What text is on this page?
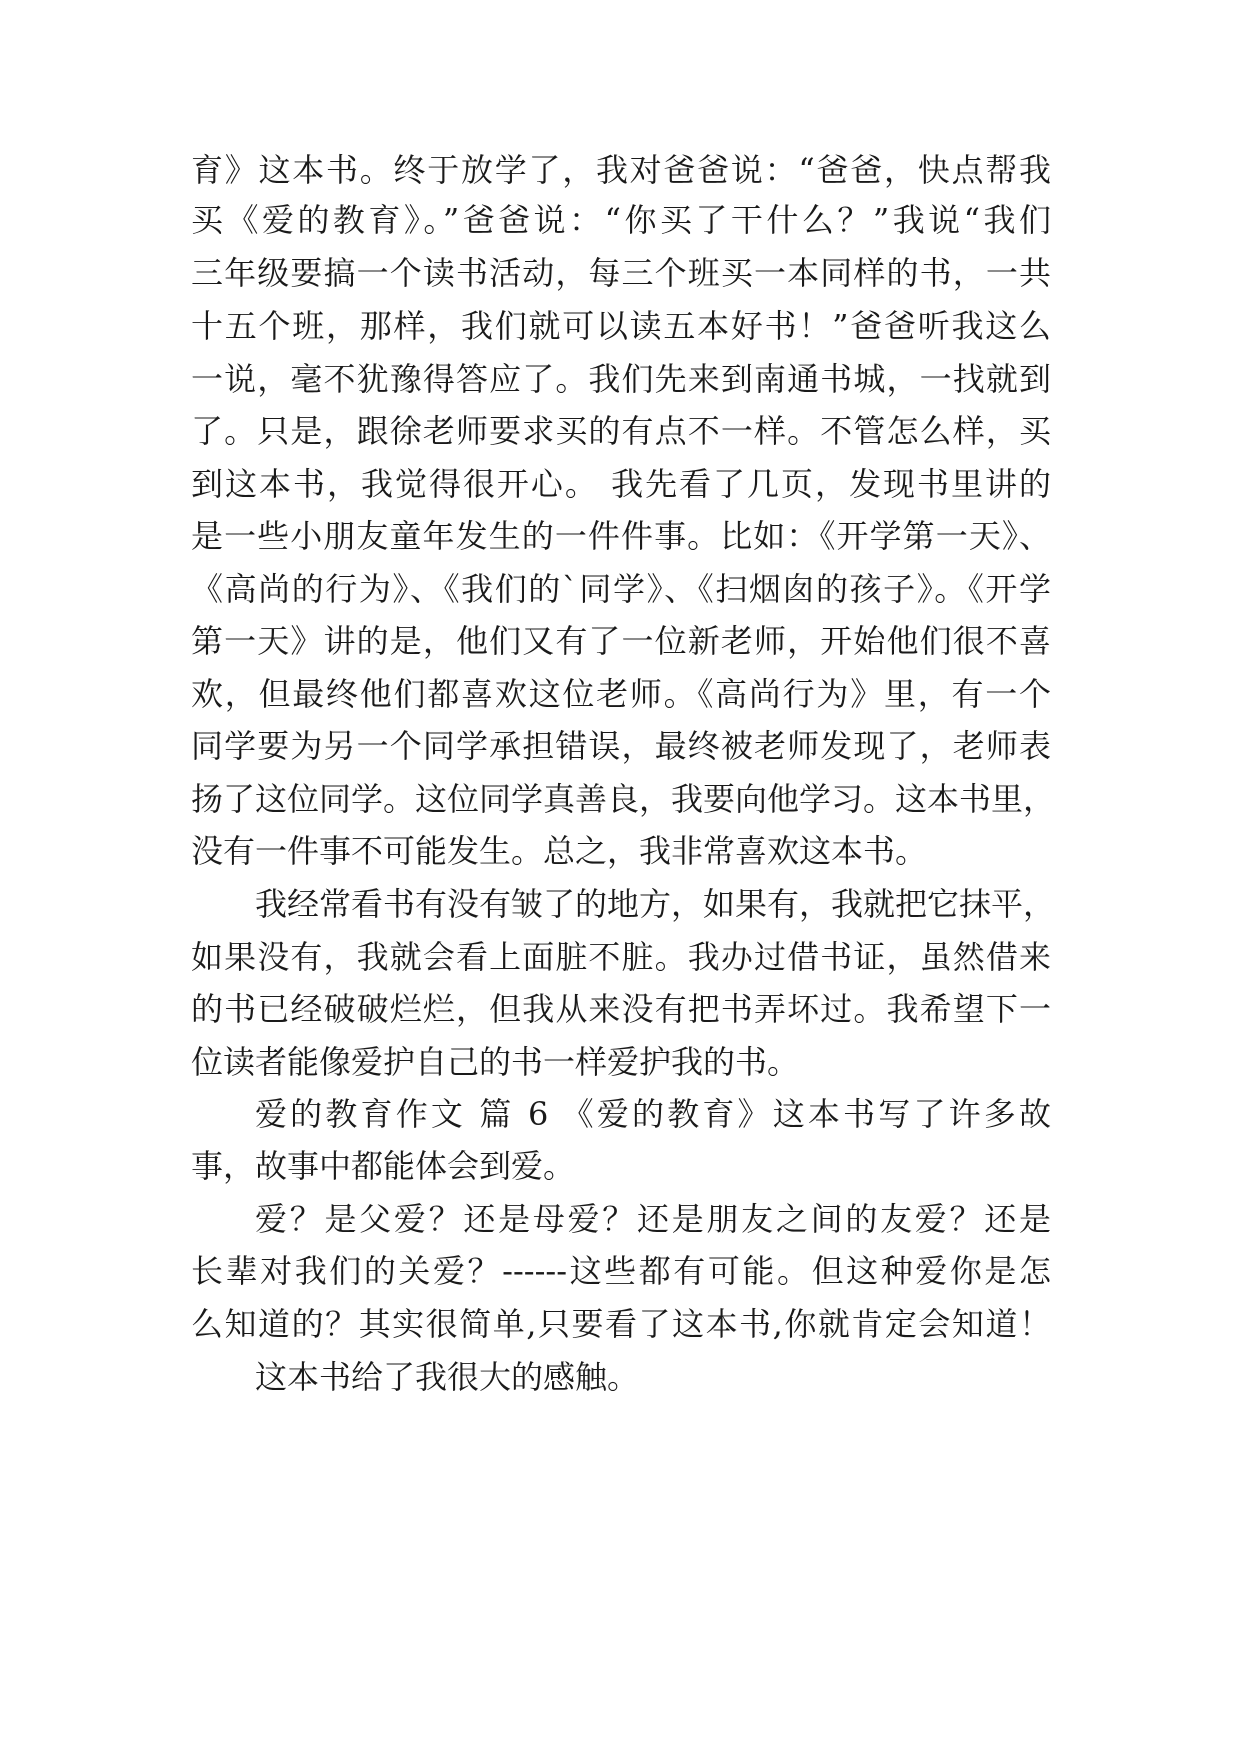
育》这本书。终于放学了，我对爸爸说：“爸爸，快点帮我
买《爱的教育》。”爸爸说：“你买了干什么？”我说“我们
三年级要搞一个读书活动，每三个班买一本同样的书，一共
十五个班，那样，我们就可以读五本好书！”爸爸听我这么
一说，毫不犹豫得答应了。我们先来到南通书城，一找就到
了。只是，跟徐老师要求买的有点不一样。不管怎么样，买
到这本书，我觉得很开心。 我先看了几页，发现书里讲的
是一些小朋友童年发生的一件件事。比如：《开学第一天》、
《高尚的行为》、《我们的`同学》、《扫烟囱的孩子》。《开学
第一天》讲的是，他们又有了一位新老师，开始他们很不喜
欢，但最终他们都喜欢这位老师。《高尚行为》里，有一个
同学要为另一个同学承担错误，最终被老师发现了，老师表
扬了这位同学。这位同学真善良，我要向他学习。这本书里，
没有一件事不可能发生。总之，我非常喜欢这本书。
我经常看书有没有皱了的地方，如果有，我就把它抹平，
如果没有，我就会看上面脏不脏。我办过借书证，虽然借来
的书已经破破烂烂，但我从来没有把书弄坏过。我希望下一
位读者能像爱护自己的书一样爱护我的书。
爱的教育作文 篇 6 《爱的教育》这本书写了许多故
事，故事中都能体会到爱。
爱？是父爱？还是母爱？还是朋友之间的友爱？还是
长辈对我们的关爱？------这些都有可能。但这种爱你是怎
么知道的？其实很简单,只要看了这本书,你就肯定会知道！
这本书给了我很大的感触。
